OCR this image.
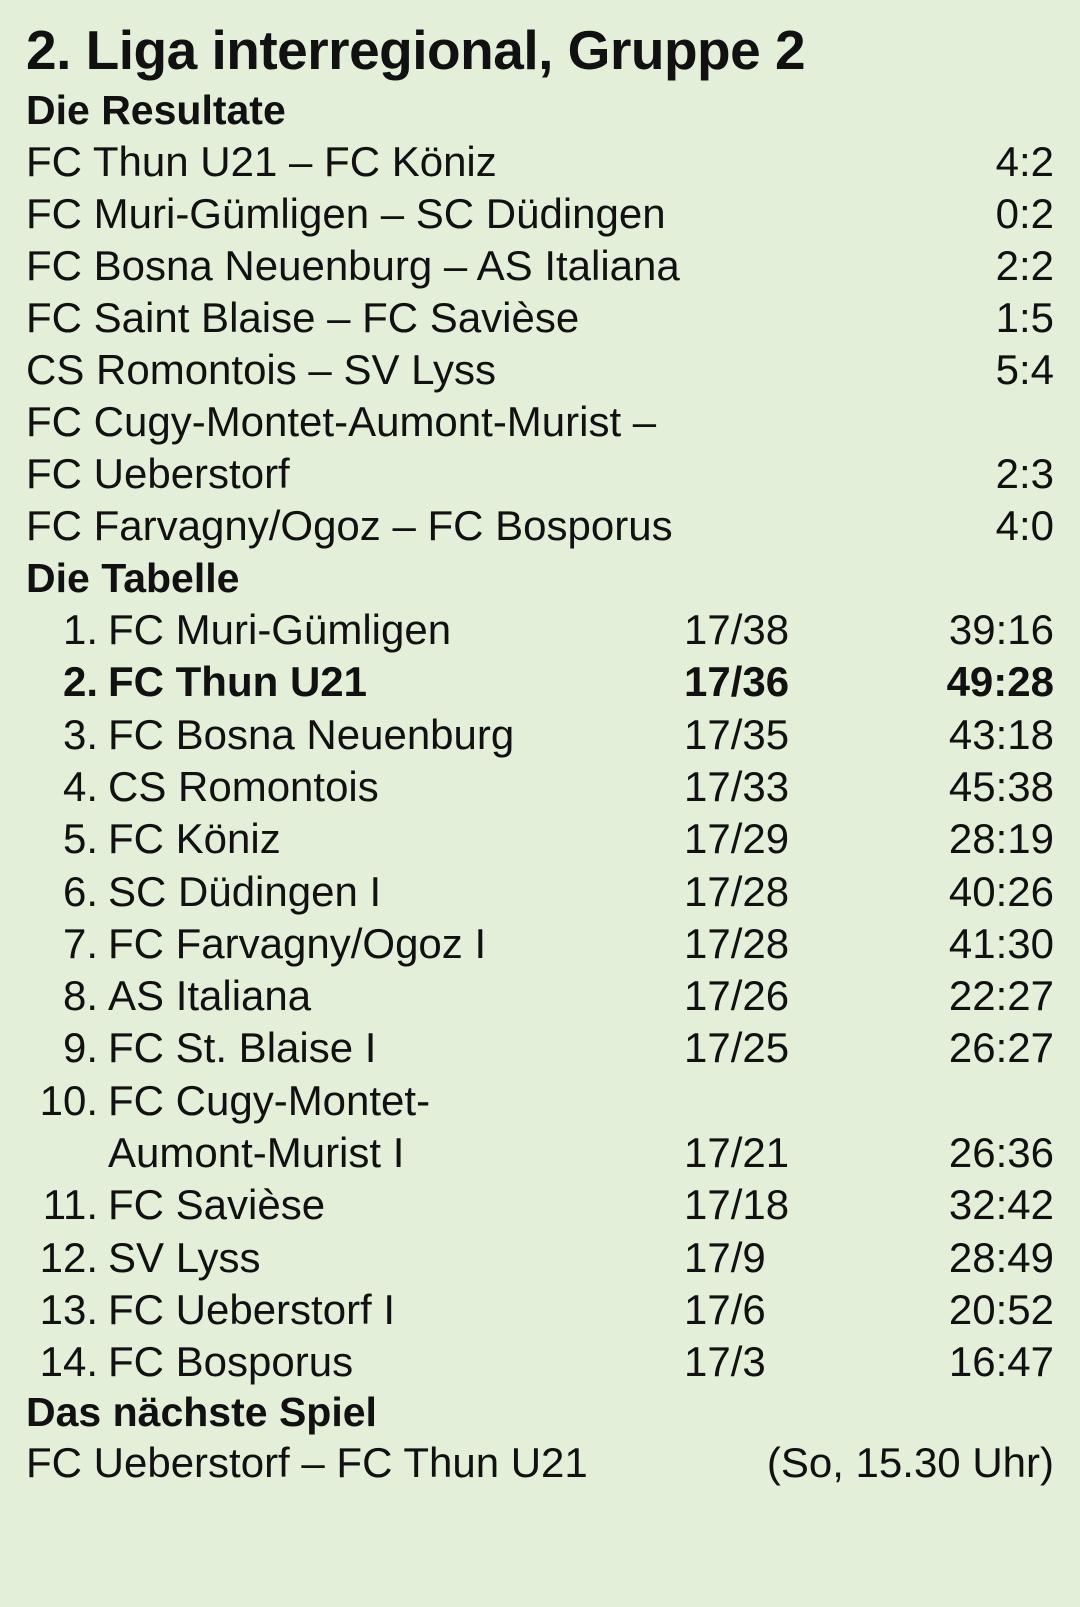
2. Liga interregional, Gruppe 2
Die Resultate
FC Thun U21 – FC Köniz	4:2
FC Muri-Gümligen – SC Düdingen	0:2
FC Bosna Neuenburg – AS Italiana	2:2
FC Saint Blaise – FC Savièse	1:5
CS Romontois – SV Lyss	5:4
FC Cugy-Montet-Aumont-Murist –
FC Ueberstorf	2:3
FC Farvagny/Ogoz – FC Bosporus	4:0
Die Tabelle
1.	FC Muri-Gümligen	17/38	39:16
2.	FC Thun U21	17/36	49:28
3.	FC Bosna Neuenburg	17/35	43:18
4.	CS Romontois	17/33	45:38
5.	FC Köniz	17/29	28:19
6.	SC Düdingen I	17/28	40:26
7.	FC Farvagny/Ogoz I	17/28	41:30
8.	AS Italiana	17/26	22:27
9.	FC St. Blaise I	17/25	26:27
10.	FC Cugy-Montet-		
	Aumont-Murist I	17/21	26:36
11.	FC Savièse	17/18	32:42
12.	SV Lyss	17/9	28:49
13.	FC Ueberstorf I	17/6	20:52
14.	FC Bosporus	17/3	16:47
Das nächste Spiel
FC Ueberstorf – FC Thun U21	(So, 15.30 Uhr)
